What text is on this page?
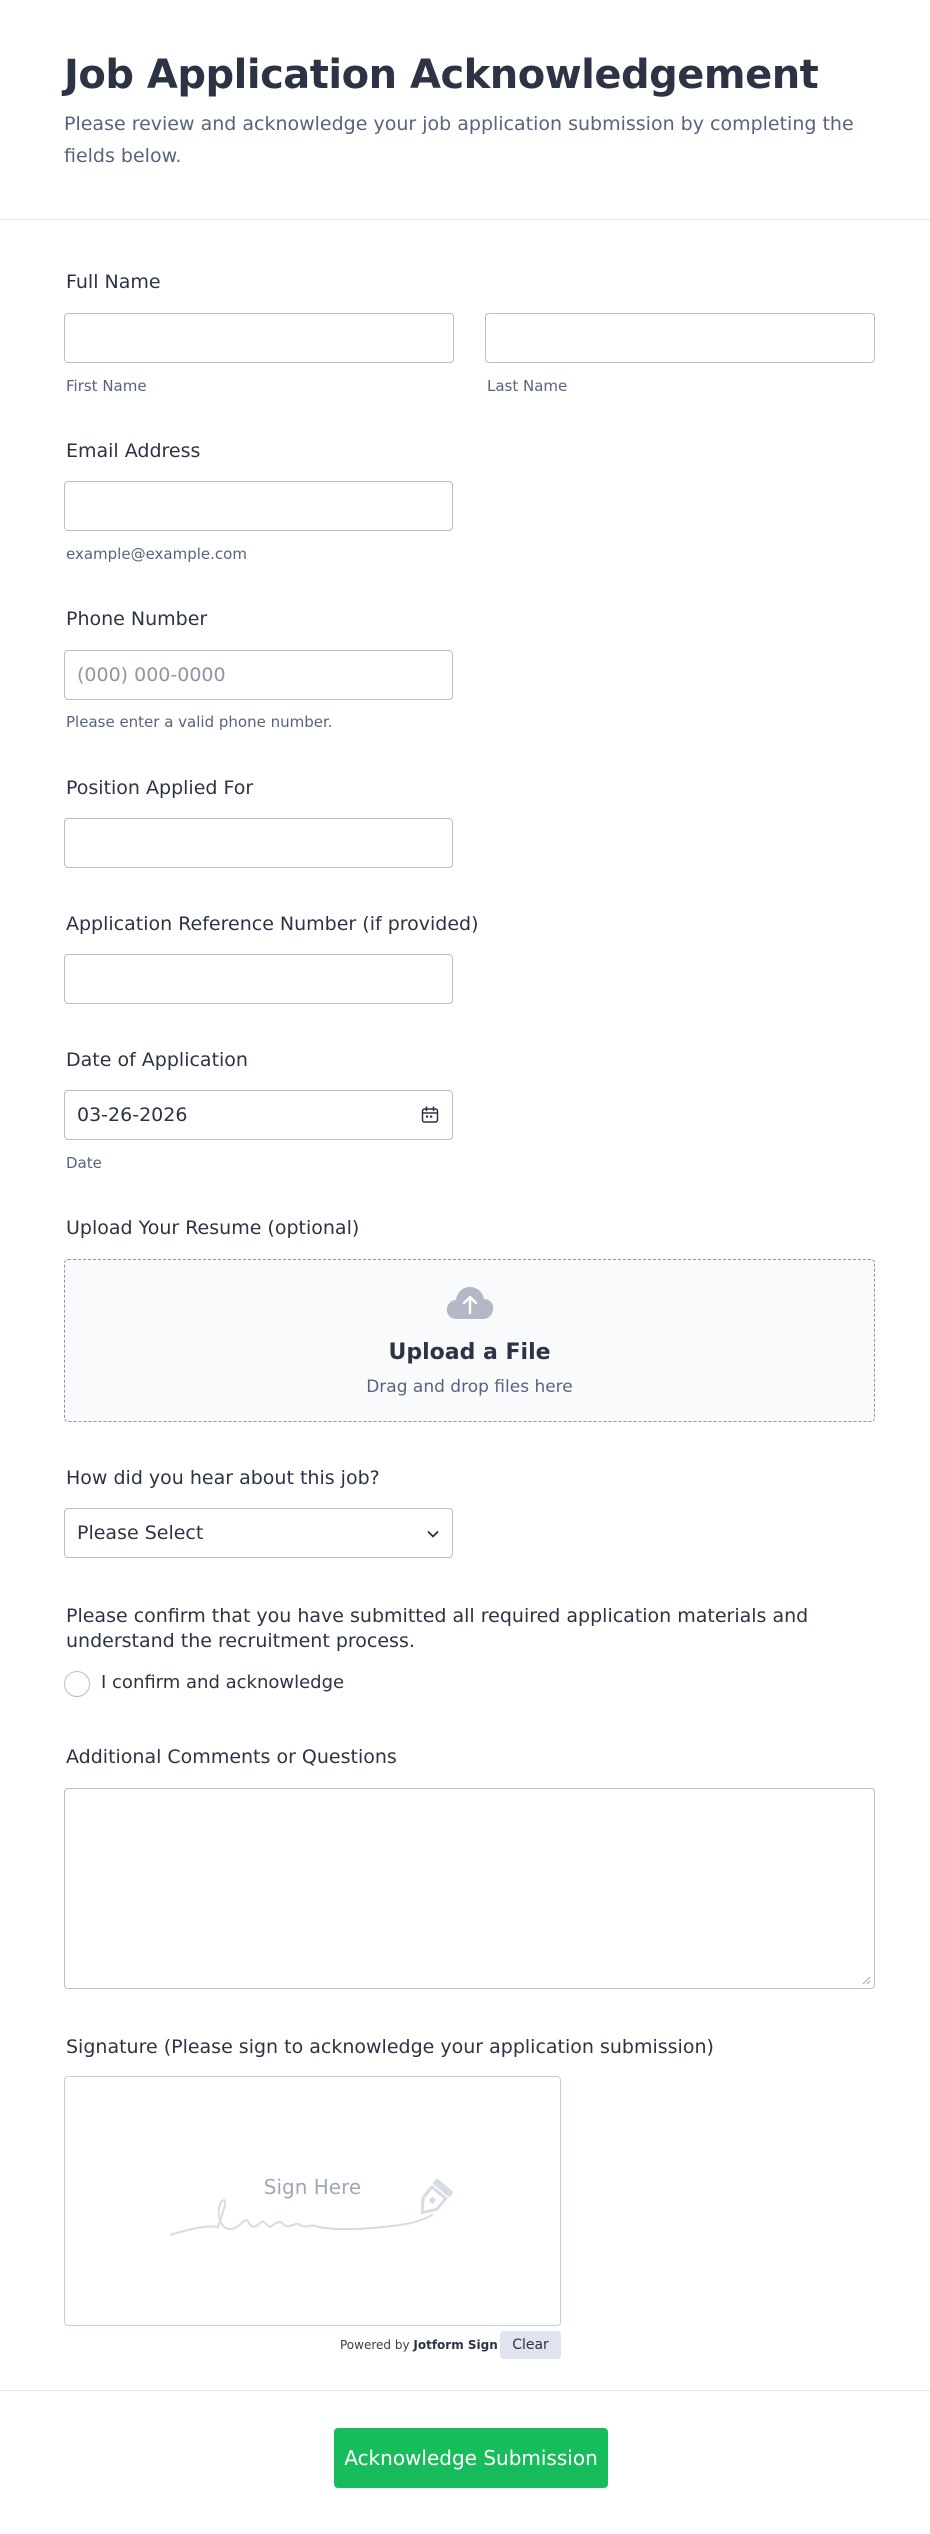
Job Application Acknowledgement
Please review and acknowledge your job application submission by completing the fields below.
Full Name
First Name	Last Name
Email Address
example@example.com
Phone Number
(000) 000-0000
Please enter a valid phone number.
Position Applied For
Application Reference Number (if provided)
Date of Application
03-26-2026
Date
Upload Your Resume (optional)
Upload a File
Drag and drop files here
How did you hear about this job?
Please Select
Please confirm that you have submitted all required application materials and understand the recruitment process.
I confirm and acknowledge
Additional Comments or Questions
Signature (Please sign to acknowledge your application submission)
Sign Here
Powered by Jotform Sign	Clear
Acknowledge Submission
